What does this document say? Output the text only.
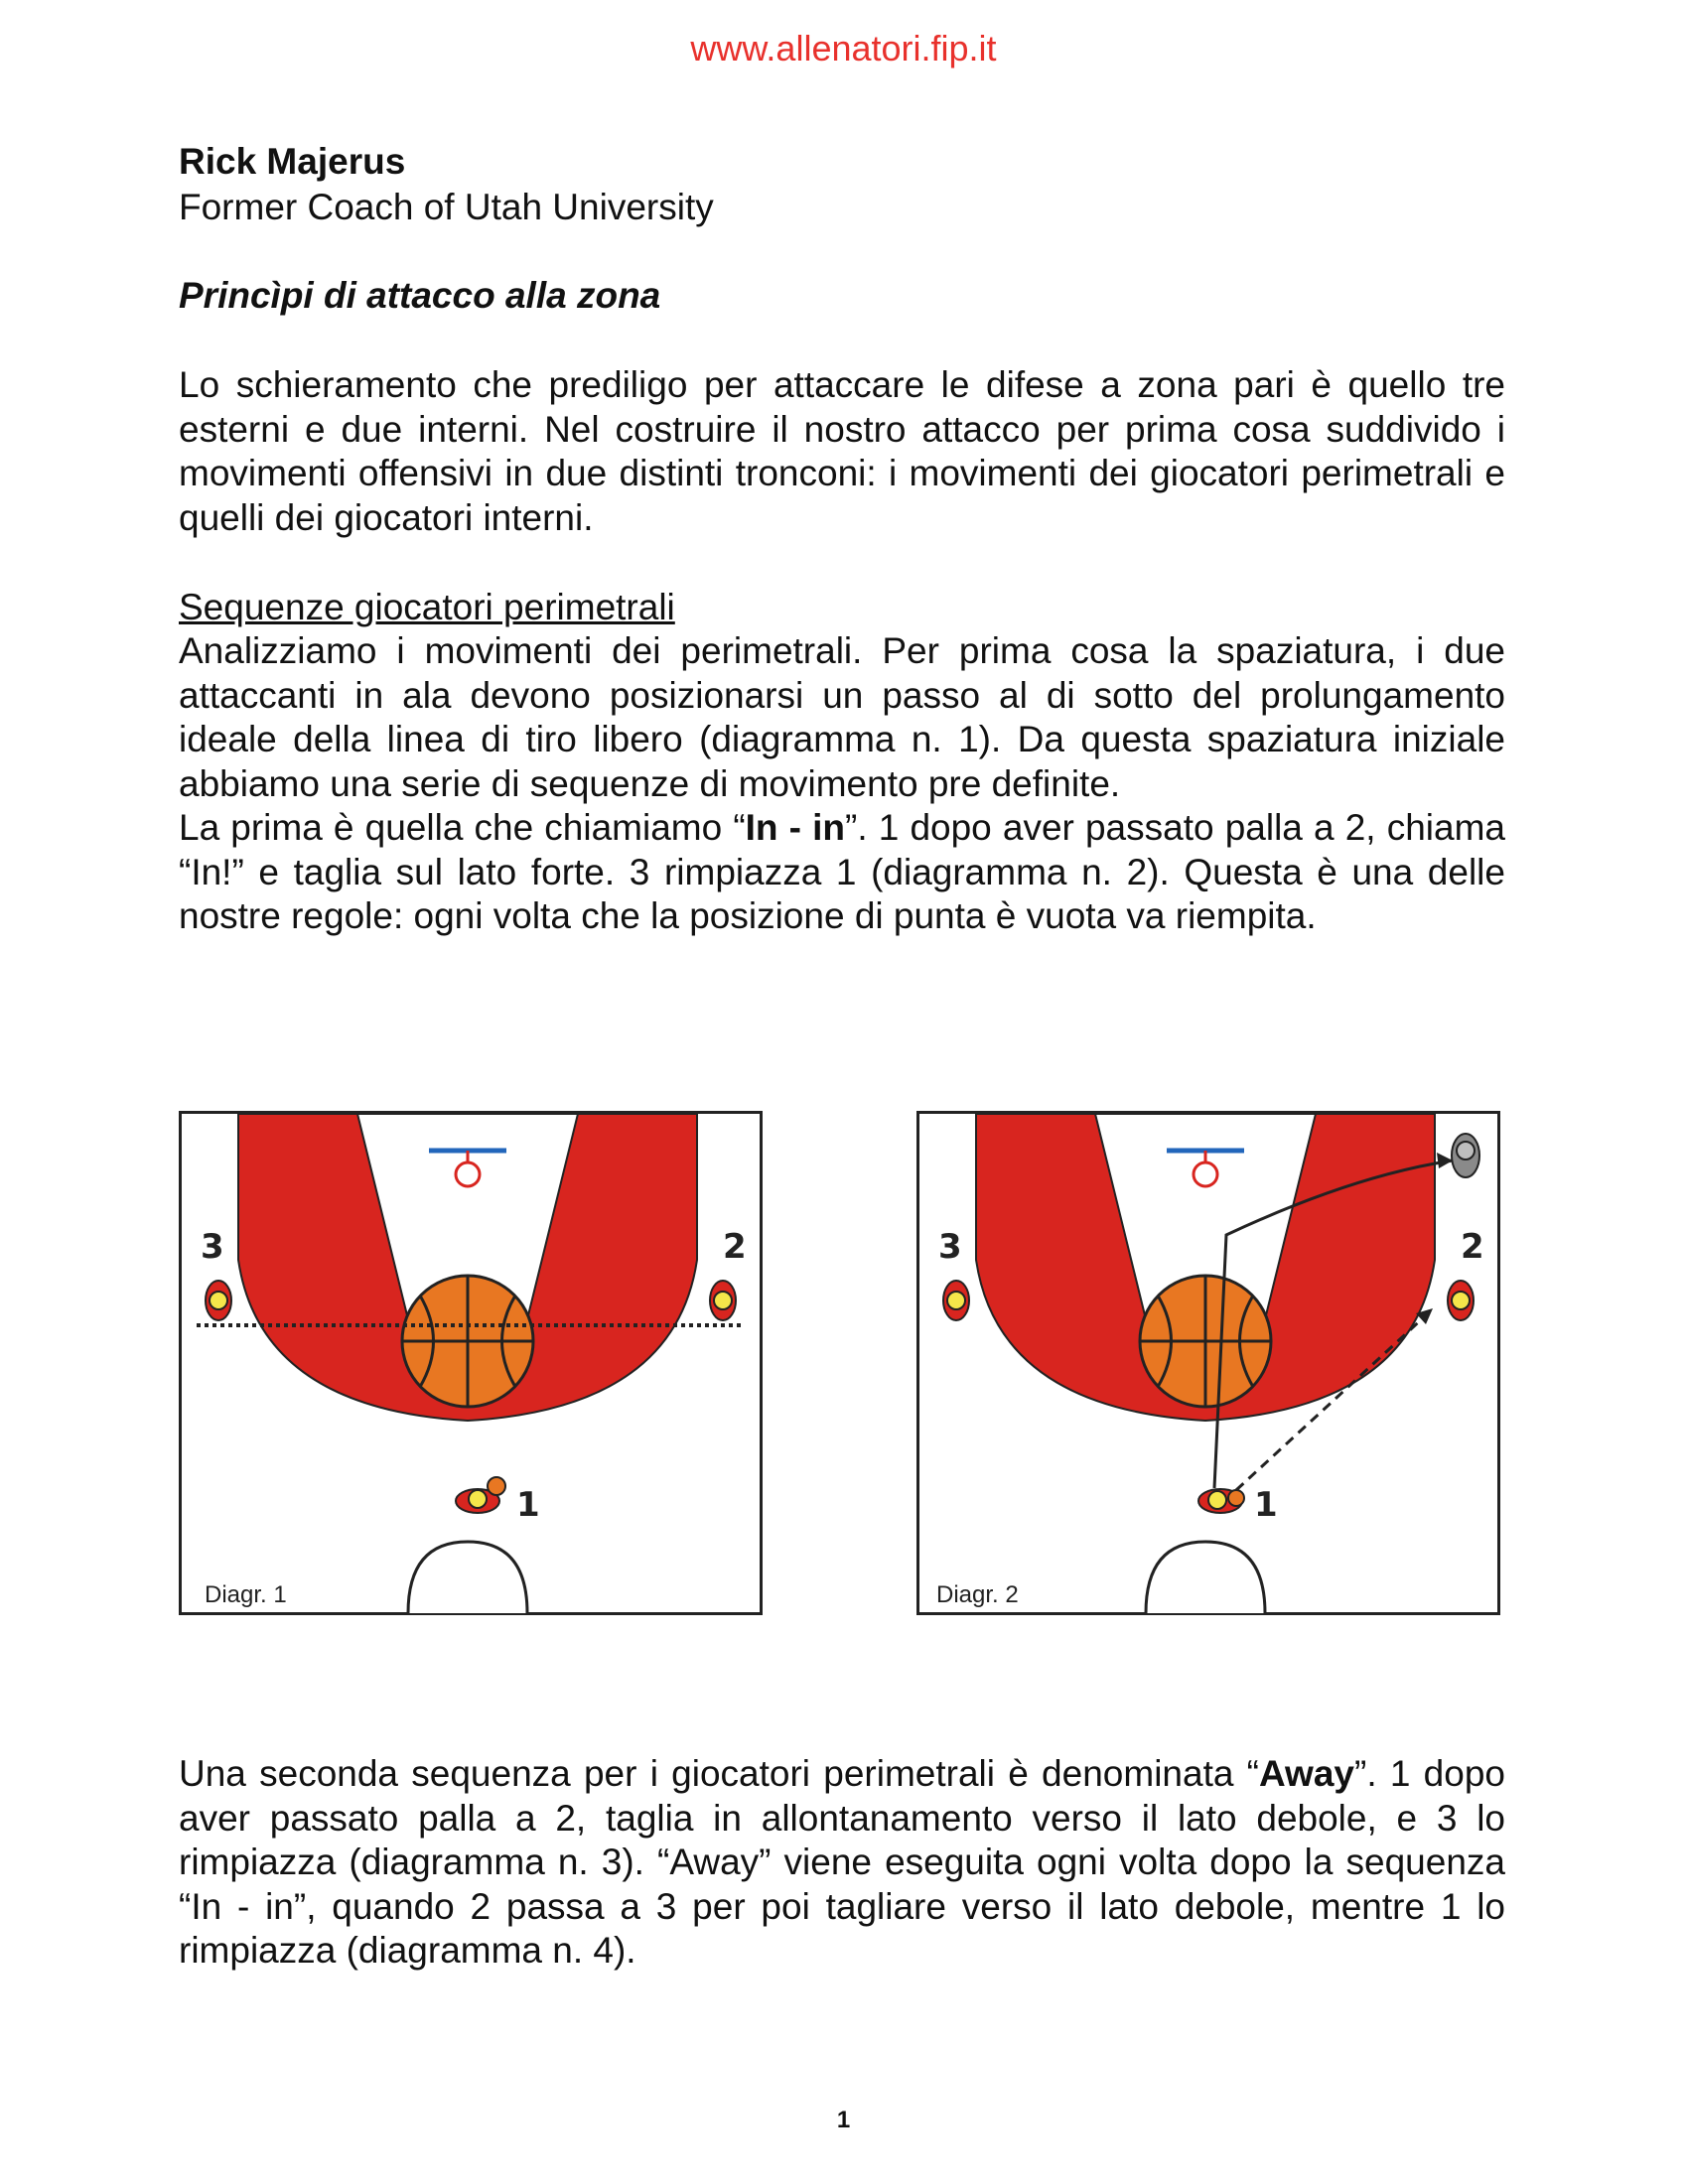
www.allenatori.fip.it

Rick Majerus

Former Coach of Utah University

Princìpi di attacco alla zona

Lo schieramento che prediligo per attaccare le difese a zona pari è quello tre esterni e due interni. Nel costruire il nostro attacco per prima cosa suddivido i movimenti offensivi in due distinti tronconi: i movimenti dei giocatori perimetrali e quelli dei giocatori interni.

Sequenze giocatori perimetrali

Analizziamo i movimenti dei perimetrali. Per prima cosa la spaziatura, i due attaccanti in ala devono posizionarsi un passo al di sotto del prolungamento ideale della linea di tiro libero (diagramma n. 1). Da questa spaziatura iniziale abbiamo una serie di sequenze di movimento pre definite.
La prima è quella che chiamiamo “In - in”. 1 dopo aver passato palla a 2, chiama “In!” e taglia sul lato forte. 3 rimpiazza 1 (diagramma n. 2). Questa è una delle nostre regole: ogni volta che la posizione di punta è vuota va riempita.
3	2
1
Diagr. 1
3	2
1
Diagr. 2

Una seconda sequenza per i giocatori perimetrali è denominata “Away”. 1 dopo aver passato palla a 2, taglia in allontanamento verso il lato debole, e 3 lo rimpiazza (diagramma n. 3). “Away” viene eseguita ogni volta dopo la sequenza “In - in”, quando 2 passa a 3 per poi tagliare verso il lato debole, mentre 1 lo rimpiazza (diagramma n. 4).

1
